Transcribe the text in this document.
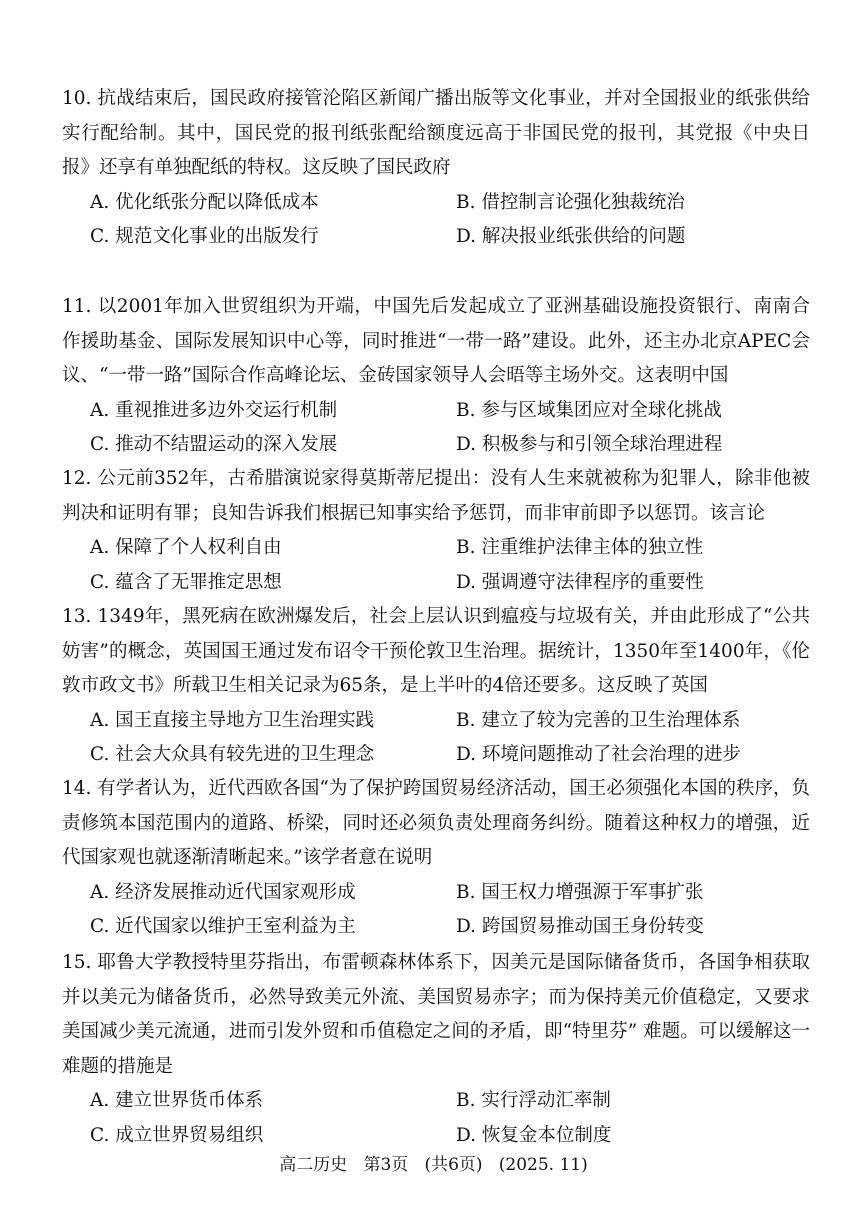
10. 抗战结束后，国民政府接管沦陷区新闻广播出版等文化事业，并对全国报业的纸张供给实行配给制。其中，国民党的报刊纸张配给额度远高于非国民党的报刊，其党报《中央日报》还享有单独配纸的特权。这反映了国民政府

A. 优化纸张分配以降低成本	B. 借控制言论强化独裁统治
C. 规范文化事业的出版发行	D. 解决报业纸张供给的问题

11. 以2001年加入世贸组织为开端，中国先后发起成立了亚洲基础设施投资银行、南南合作援助基金、国际发展知识中心等，同时推进“一带一路”建设。此外，还主办北京APEC会议、“一带一路”国际合作高峰论坛、金砖国家领导人会晤等主场外交。这表明中国

A. 重视推进多边外交运行机制	B. 参与区域集团应对全球化挑战
C. 推动不结盟运动的深入发展	D. 积极参与和引领全球治理进程

12. 公元前352年，古希腊演说家得莫斯蒂尼提出：没有人生来就被称为犯罪人，除非他被判决和证明有罪；良知告诉我们根据已知事实给予惩罚，而非审前即予以惩罚。该言论

A. 保障了个人权利自由	B. 注重维护法律主体的独立性
C. 蕴含了无罪推定思想	D. 强调遵守法律程序的重要性

13. 1349年，黑死病在欧洲爆发后，社会上层认识到瘟疫与垃圾有关，并由此形成了“公共妨害”的概念，英国国王通过发布诏令干预伦敦卫生治理。据统计，1350年至1400年，《伦敦市政文书》所载卫生相关记录为65条，是上半叶的4倍还要多。这反映了英国

A. 国王直接主导地方卫生治理实践	B. 建立了较为完善的卫生治理体系
C. 社会大众具有较先进的卫生理念	D. 环境问题推动了社会治理的进步

14. 有学者认为，近代西欧各国“为了保护跨国贸易经济活动，国王必须强化本国的秩序，负责修筑本国范围内的道路、桥梁，同时还必须负责处理商务纠纷。随着这种权力的增强，近代国家观也就逐渐清晰起来。”该学者意在说明

A. 经济发展推动近代国家观形成	B. 国王权力增强源于军事扩张
C. 近代国家以维护王室利益为主	D. 跨国贸易推动国王身份转变

15. 耶鲁大学教授特里芬指出，布雷顿森林体系下，因美元是国际储备货币，各国争相获取并以美元为储备货币，必然导致美元外流、美国贸易赤字；而为保持美元价值稳定，又要求美国减少美元流通，进而引发外贸和币值稳定之间的矛盾，即“特里芬” 难题。可以缓解这一难题的措施是

A. 建立世界货币体系	B. 实行浮动汇率制
C. 成立世界贸易组织	D. 恢复金本位制度
高二历史   第3页   (共6页)   (2025. 11)
